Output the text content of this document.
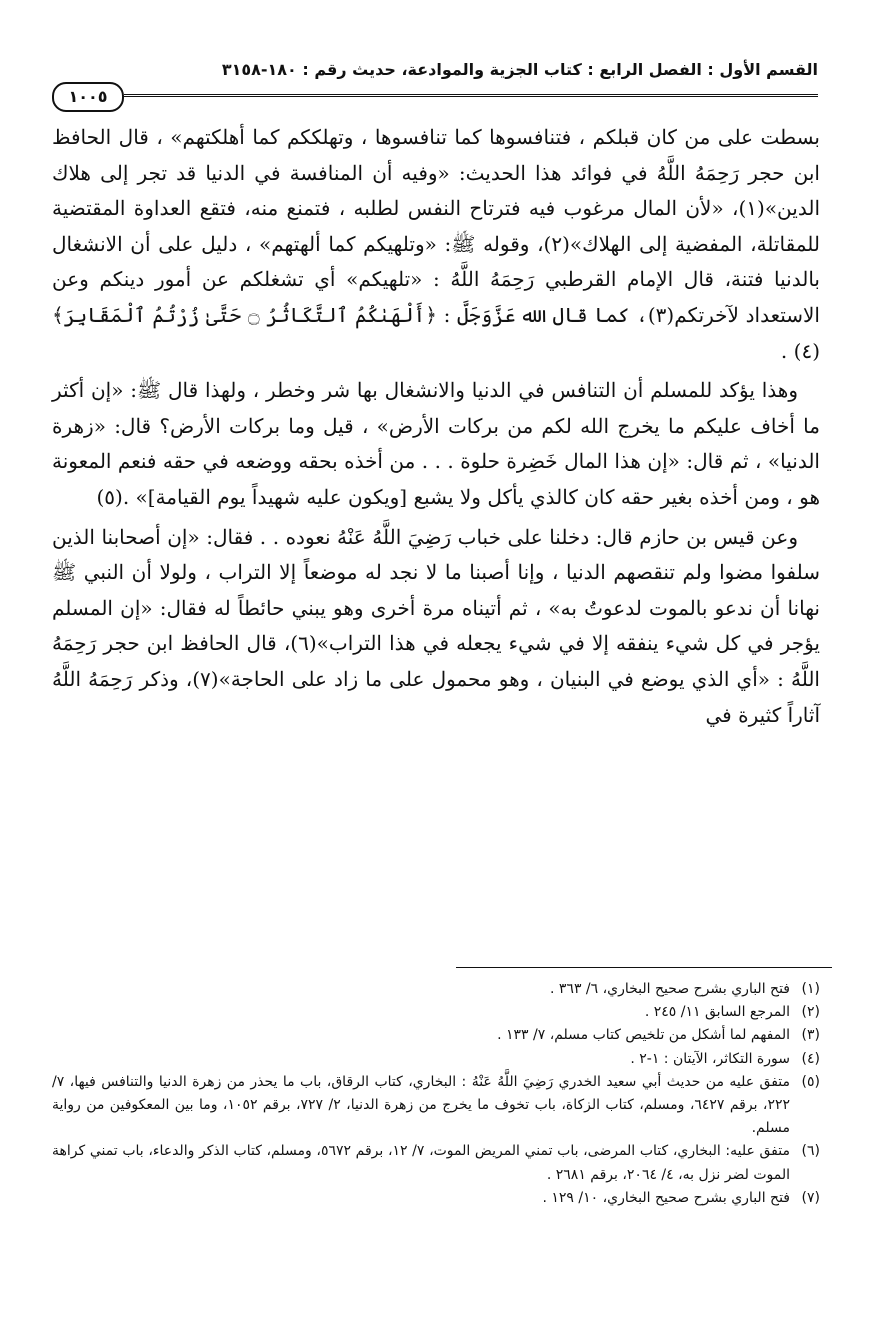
القسم الأول : الفصل الرابع : كتاب الجزية والموادعة، حديث رقم : ١٨٠-٣١٥٨
١٠٠٥

بسطت على من كان قبلكم ، فتنافسوها كما تنافسوها ، وتهلككم كما أهلكتهم» ، قال الحافظ ابن حجر رَحِمَهُ اللَّهُ في فوائد هذا الحديث: «وفيه أن المنافسة في الدنيا قد تجر إلى هلاك الدين»(١)، «لأن المال مرغوب فيه فترتاح النفس لطلبه ، فتمنع منه، فتقع العداوة المقتضية للمقاتلة، المفضية إلى الهلاك»(٢)، وقوله ﷺ: «وتلهيكم كما ألهتهم» ، دليل على أن الانشغال بالدنيا فتنة، قال الإمام القرطبي رَحِمَهُ اللَّهُ : «تلهيكم» أي تشغلكم عن أمور دينكم وعن الاستعداد لآخرتكم(٣)، كما قال الله عَزَّوَجَلَّ : ﴿أَلْهَىٰكُمُ ٱلتَّكَاثُرُ ۝ حَتَّىٰ زُرْتُمُ ٱلْمَقَابِرَ﴾(٤) .

وهذا يؤكد للمسلم أن التنافس في الدنيا والانشغال بها شر وخطر ، ولهذا قال ﷺ: «إن أكثر ما أخاف عليكم ما يخرج الله لكم من بركات الأرض» ، قيل وما بركات الأرض؟ قال: «زهرة الدنيا» ، ثم قال: «إن هذا المال خَضِرة حلوة . . . من أخذه بحقه ووضعه في حقه فنعم المعونة هو ، ومن أخذه بغير حقه كان كالذي يأكل ولا يشبع [ويكون عليه شهيداً يوم القيامة]» .(٥)

وعن قيس بن حازم قال: دخلنا على خباب رَضِيَ اللَّهُ عَنْهُ نعوده . . فقال: «إن أصحابنا الذين سلفوا مضوا ولم تنقصهم الدنيا ، وإنا أصبنا ما لا نجد له موضعاً إلا التراب ، ولولا أن النبي ﷺ نهانا أن ندعو بالموت لدعوتُ به» ، ثم أتيناه مرة أخرى وهو يبني حائطاً له فقال: «إن المسلم يؤجر في كل شيء ينفقه إلا في شيء يجعله في هذا التراب»(٦)، قال الحافظ ابن حجر رَحِمَهُ اللَّهُ : «أي الذي يوضع في البنيان ، وهو محمول على ما زاد على الحاجة»(٧)، وذكر رَحِمَهُ اللَّهُ آثاراً كثيرة في

(١)
فتح الباري بشرح صحيح البخاري، ٦/ ٣٦٣ .

(٢)
المرجع السابق ١١/ ٢٤٥ .

(٣)
المفهم لما أشكل من تلخيص كتاب مسلم، ٧/ ١٣٣ .

(٤)
سورة التكاثر، الآيتان : ١-٢ .

(٥)
متفق عليه من حديث أبي سعيد الخدري رَضِيَ اللَّهُ عَنْهُ : البخاري، كتاب الرقاق، باب ما يحذر من زهرة الدنيا والتنافس فيها، ٧/ ٢٢٢، برقم ٦٤٢٧، ومسلم، كتاب الزكاة، باب تخوف ما يخرج من زهرة الدنيا، ٢/ ٧٢٧، برقم ١٠٥٢، وما بين المعكوفين من رواية مسلم.

(٦)
متفق عليه: البخاري، كتاب المرضى، باب تمني المريض الموت، ٧/ ١٢، برقم ٥٦٧٢، ومسلم، كتاب الذكر والدعاء، باب تمني كراهة الموت لضر نزل به، ٤/ ٢٠٦٤، برقم ٢٦٨١ .

(٧)
فتح الباري بشرح صحيح البخاري، ١٠/ ١٢٩ .
